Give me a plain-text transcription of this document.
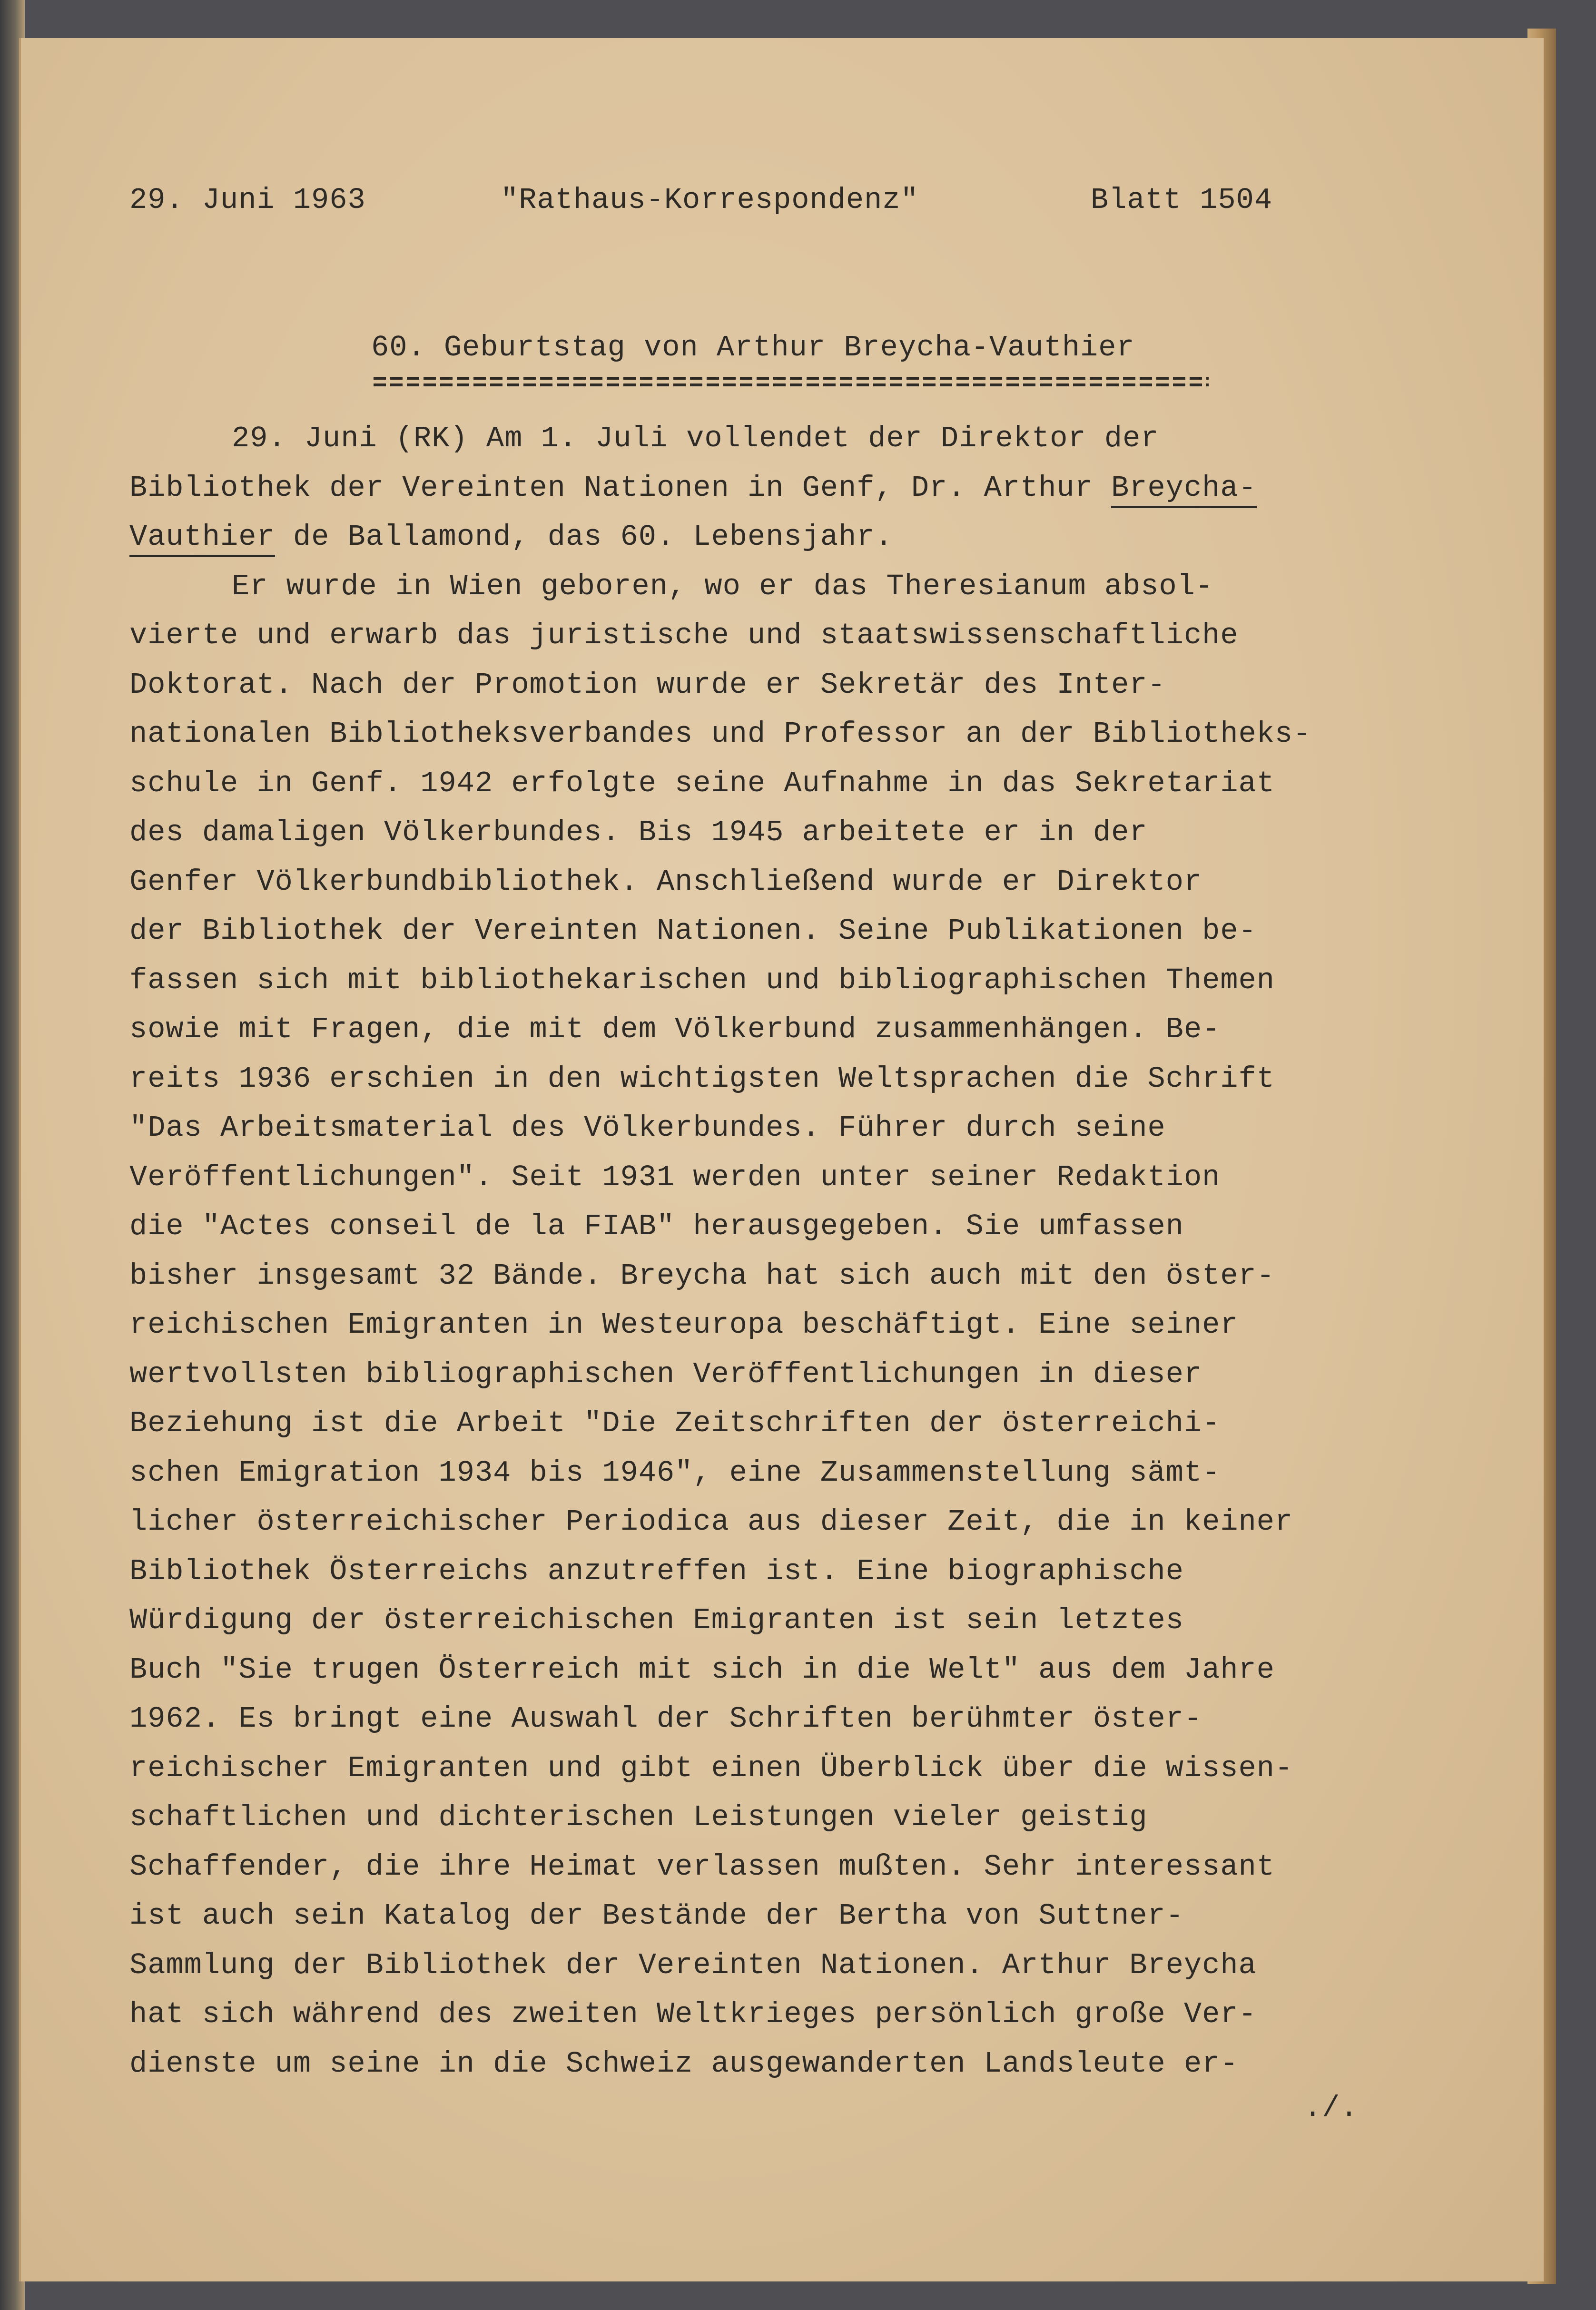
29. Juni 1963	"Rathaus-Korrespondenz"	Blatt 1504
60. Geburtstag von Arthur Breycha-Vauthier
29. Juni (RK) Am 1. Juli vollendet der Direktor der
Bibliothek der Vereinten Nationen in Genf, Dr. Arthur Breycha-
Vauthier de Ballamond, das 60. Lebensjahr.
Er wurde in Wien geboren, wo er das Theresianum absol-
vierte und erwarb das juristische und staatswissenschaftliche
Doktorat. Nach der Promotion wurde er Sekretär des Inter-
nationalen Bibliotheksverbandes und Professor an der Bibliotheks-
schule in Genf. 1942 erfolgte seine Aufnahme in das Sekretariat
des damaligen Völkerbundes. Bis 1945 arbeitete er in der
Genfer Völkerbundbibliothek. Anschließend wurde er Direktor
der Bibliothek der Vereinten Nationen. Seine Publikationen be-
fassen sich mit bibliothekarischen und bibliographischen Themen
sowie mit Fragen, die mit dem Völkerbund zusammenhängen. Be-
reits 1936 erschien in den wichtigsten Weltsprachen die Schrift
"Das Arbeitsmaterial des Völkerbundes. Führer durch seine
Veröffentlichungen". Seit 1931 werden unter seiner Redaktion
die "Actes conseil de la FIAB" herausgegeben. Sie umfassen
bisher insgesamt 32 Bände. Breycha hat sich auch mit den öster-
reichischen Emigranten in Westeuropa beschäftigt. Eine seiner
wertvollsten bibliographischen Veröffentlichungen in dieser
Beziehung ist die Arbeit "Die Zeitschriften der österreichi-
schen Emigration 1934 bis 1946", eine Zusammenstellung sämt-
licher österreichischer Periodica aus dieser Zeit, die in keiner
Bibliothek Österreichs anzutreffen ist. Eine biographische
Würdigung der österreichischen Emigranten ist sein letztes
Buch "Sie trugen Österreich mit sich in die Welt" aus dem Jahre
1962. Es bringt eine Auswahl der Schriften berühmter öster-
reichischer Emigranten und gibt einen Überblick über die wissen-
schaftlichen und dichterischen Leistungen vieler geistig
Schaffender, die ihre Heimat verlassen mußten. Sehr interessant
ist auch sein Katalog der Bestände der Bertha von Suttner-
Sammlung der Bibliothek der Vereinten Nationen. Arthur Breycha
hat sich während des zweiten Weltkrieges persönlich große Ver-
dienste um seine in die Schweiz ausgewanderten Landsleute er-
./.
